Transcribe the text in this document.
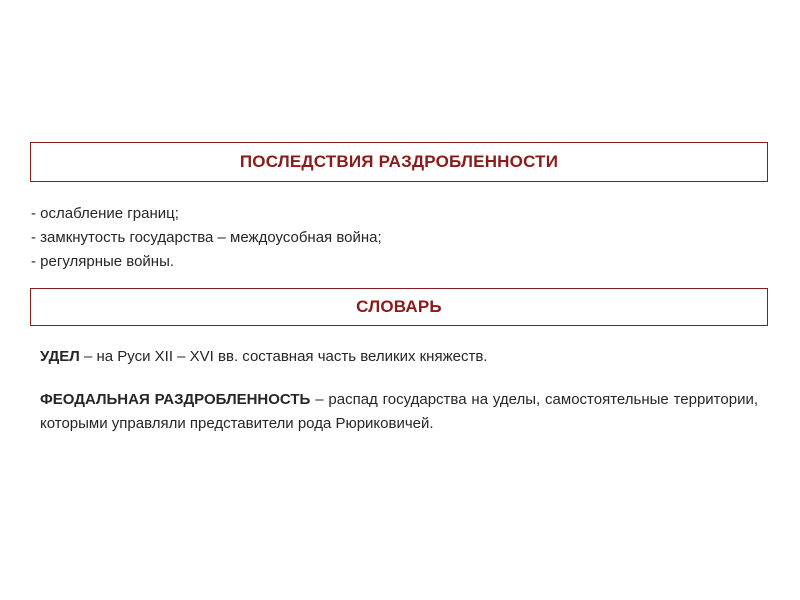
ПОСЛЕДСТВИЯ РАЗДРОБЛЕННОСТИ
- ослабление границ;
- замкнутость государства – междоусобная война;
- регулярные войны.
СЛОВАРЬ

УДЕЛ – на Руси XII – XVI вв. составная часть великих княжеств.

ФЕОДАЛЬНАЯ РАЗДРОБЛЕННОСТЬ – распад государства на уделы, самостоятельные территории, которыми управляли представители рода Рюриковичей.
